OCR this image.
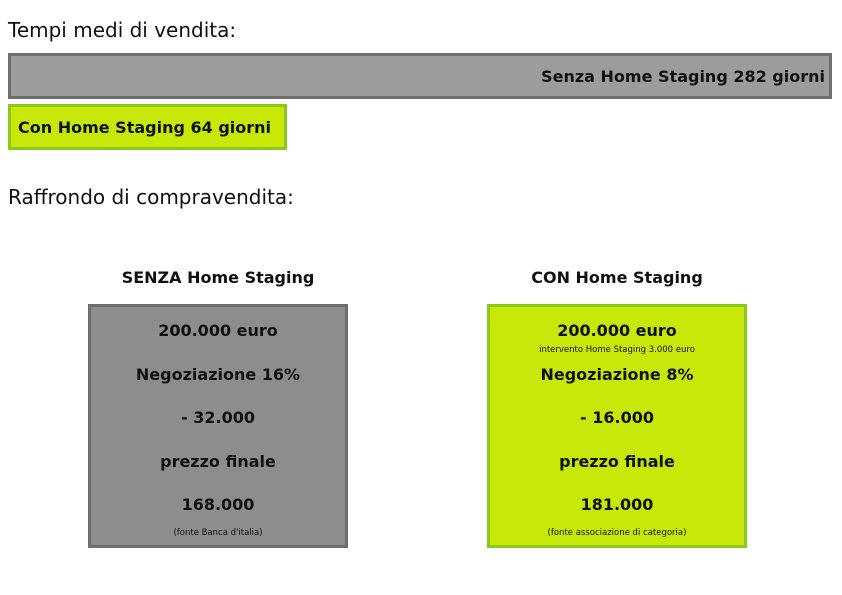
Tempi medi di vendita:
Senza Home Staging 282 giorni
Con Home Staging 64 giorni
Raffrondo di compravendita:
SENZA Home Staging	CON Home Staging
200.000 euro
Negoziazione 16%
- 32.000
prezzo finale
168.000
(fonte Banca d'italia)
200.000 euro
intervento Home Staging 3.000 euro
Negoziazione 8%
- 16.000
prezzo finale
181.000
(fonte associazione di categoria)
